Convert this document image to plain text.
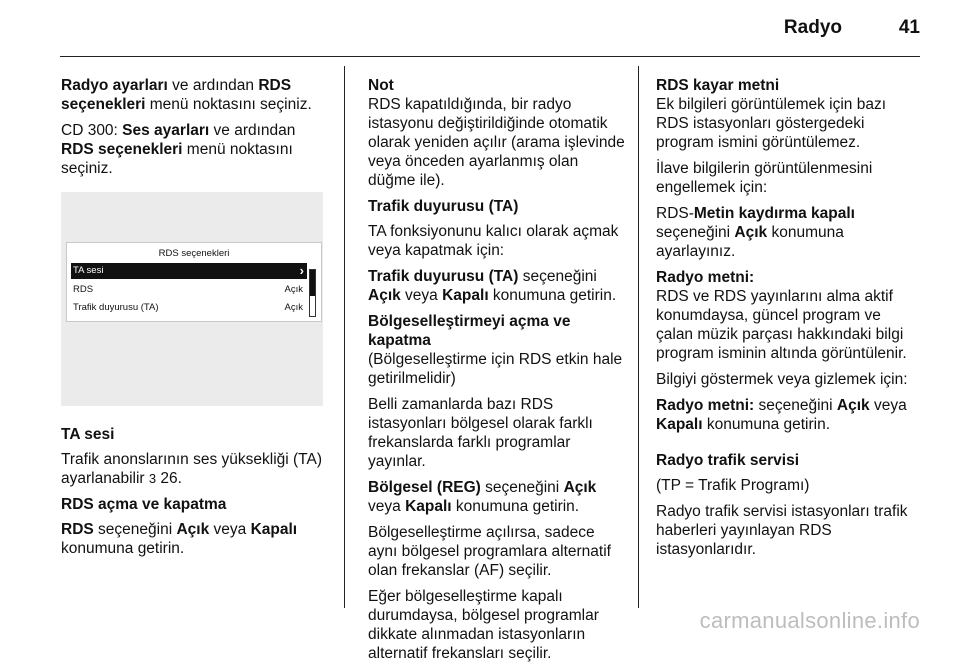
Radyo	41

Radyo ayarları ve ardından RDS seçenekleri menü noktasını seçiniz.

CD 300: Ses ayarları ve ardından RDS seçenekleri menü noktasını seçiniz.

RDS seçenekleri
TA sesi	›
RDS	Açık
Trafik duyurusu (TA)	Açık
TA sesi

Trafik anonslarının ses yüksekliği (TA) ayarlanabilir 3 26.

RDS açma ve kapatma

RDS seçeneğini Açık veya Kapalı konumuna getirin.

Not

RDS kapatıldığında, bir radyo istasyonu değiştirildiğinde otomatik olarak yeniden açılır (arama işlevinde veya önceden ayarlanmış olan düğme ile).

Trafik duyurusu (TA)

TA fonksiyonunu kalıcı olarak açmak veya kapatmak için:

Trafik duyurusu (TA) seçeneğini Açık veya Kapalı konumuna getirin.

Bölgeselleştirmeyi açma ve kapatma

(Bölgeselleştirme için RDS etkin hale getirilmelidir)

Belli zamanlarda bazı RDS istasyonları bölgesel olarak farklı frekanslarda farklı programlar yayınlar.

Bölgesel (REG) seçeneğini Açık veya Kapalı konumuna getirin.

Bölgeselleştirme açılırsa, sadece aynı bölgesel programlara alternatif olan frekanslar (AF) seçilir.

Eğer bölgeselleştirme kapalı durumdaysa, bölgesel programlar dikkate alınmadan istasyonların alternatif frekansları seçilir.

RDS kayar metni

Ek bilgileri görüntülemek için bazı RDS istasyonları göstergedeki program ismini görüntülemez.

İlave bilgilerin görüntülenmesini engellemek için:

RDS-Metin kaydırma kapalı seçeneğini Açık konumuna ayarlayınız.

Radyo metni:

RDS ve RDS yayınlarını alma aktif konumdaysa, güncel program ve çalan müzik parçası hakkındaki bilgi program isminin altında görüntülenir.

Bilgiyi göstermek veya gizlemek için:

Radyo metni: seçeneğini Açık veya Kapalı konumuna getirin.

Radyo trafik servisi

(TP = Trafik Programı)

Radyo trafik servisi istasyonları trafik haberleri yayınlayan RDS istasyonlarıdır.

carmanualsonline.info
